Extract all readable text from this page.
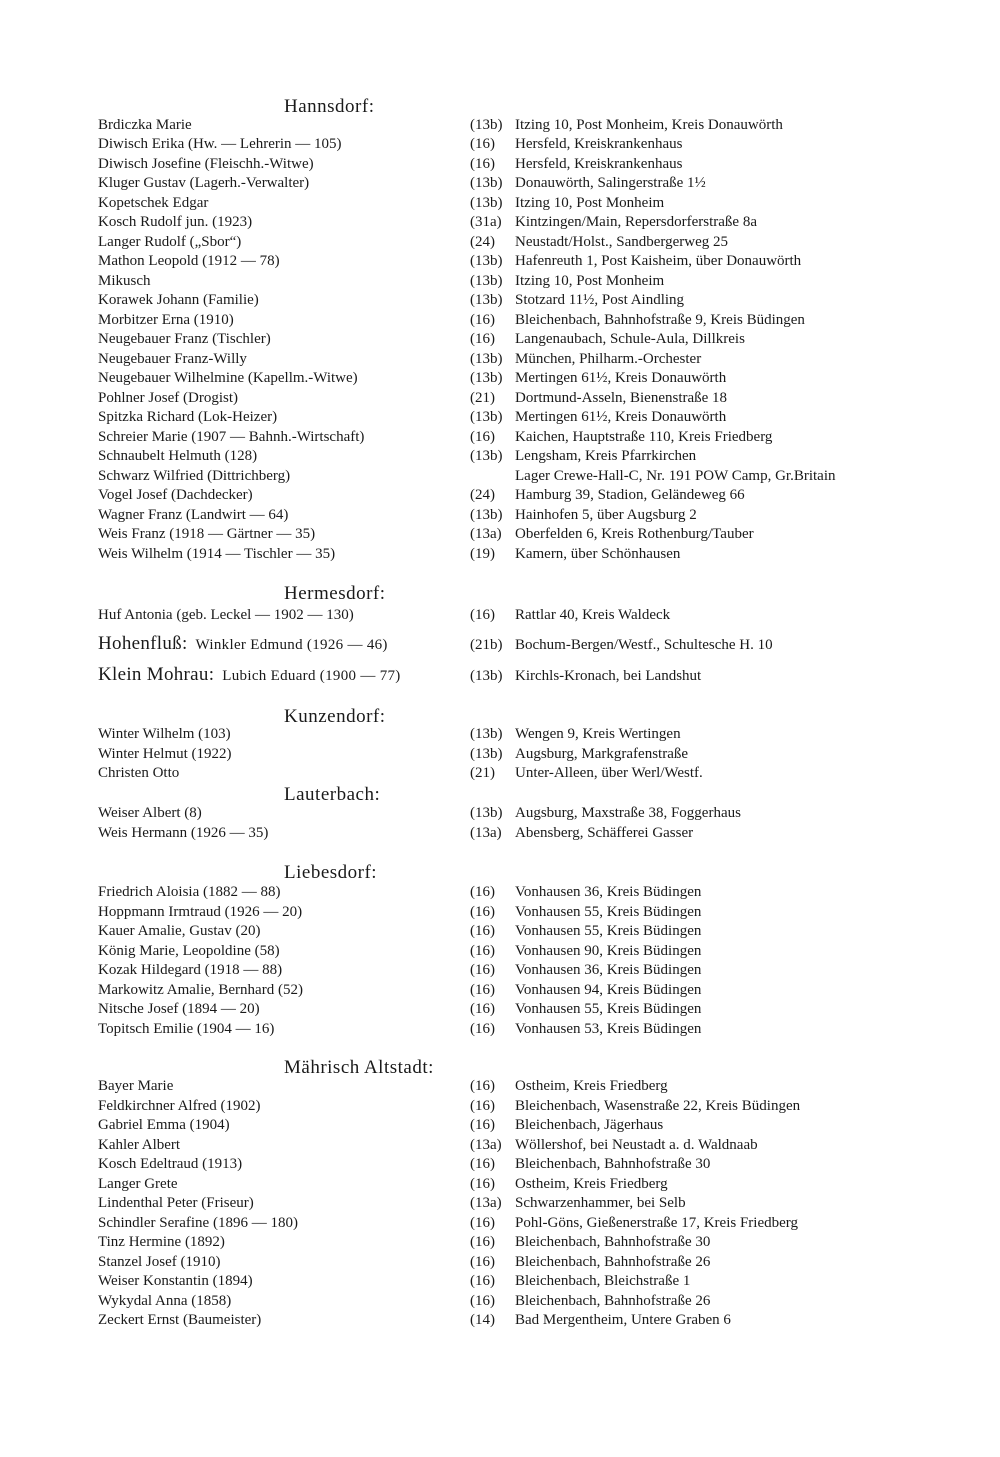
Hannsdorf:
Brdiczka Marie	(13b) Itzing 10, Post Monheim, Kreis Donauwörth
Diwisch Erika (Hw. — Lehrerin — 105)	(16) Hersfeld, Kreiskrankenhaus
Diwisch Josefine (Fleischh.-Witwe)	(16) Hersfeld, Kreiskrankenhaus
Kluger Gustav (Lagerh.-Verwalter)	(13b) Donauwörth, Salingerstraße 1½
Kopetschek Edgar	(13b) Itzing 10, Post Monheim
Kosch Rudolf jun. (1923)	(31a) Kintzingen/Main, Repersdorferstraße 8a
Langer Rudolf („Sbor“)	(24) Neustadt/Holst., Sandbergerweg 25
Mathon Leopold (1912 — 78)	(13b) Hafenreuth 1, Post Kaisheim, über Donauwörth
Mikusch	(13b) Itzing 10, Post Monheim
Korawek Johann (Familie)	(13b) Stotzard 11½, Post Aindling
Morbitzer Erna (1910)	(16) Bleichenbach, Bahnhofstraße 9, Kreis Büdingen
Neugebauer Franz (Tischler)	(16) Langenaubach, Schule-Aula, Dillkreis
Neugebauer Franz-Willy	(13b) München, Philharm.-Orchester
Neugebauer Wilhelmine (Kapellm.-Witwe)	(13b) Mertingen 61½, Kreis Donauwörth
Pohlner Josef (Drogist)	(21) Dortmund-Asseln, Bienenstraße 18
Spitzka Richard (Lok-Heizer)	(13b) Mertingen 61½, Kreis Donauwörth
Schreier Marie (1907 — Bahnh.-Wirtschaft)	(16) Kaichen, Hauptstraße 110, Kreis Friedberg
Schnaubelt Helmuth (128)	(13b) Lengsham, Kreis Pfarrkirchen
Schwarz Wilfried (Dittrichberg)	Lager Crewe-Hall-C, Nr. 191 POW Camp, Gr.Britain
Vogel Josef (Dachdecker)	(24) Hamburg 39, Stadion, Geländeweg 66
Wagner Franz (Landwirt — 64)	(13b) Hainhofen 5, über Augsburg 2
Weis Franz (1918 — Gärtner — 35)	(13a) Oberfelden 6, Kreis Rothenburg/Tauber
Weis Wilhelm (1914 — Tischler — 35)	(19) Kamern, über Schönhausen
Hermesdorf:
Huf Antonia (geb. Leckel — 1902 — 130)	(16) Rattlar 40, Kreis Waldeck
Hohenfluß: Winkler Edmund (1926 — 46)	(21b) Bochum-Bergen/Westf., Schultesche H. 10
Klein Mohrau: Lubich Eduard (1900 — 77)	(13b) Kirchls-Kronach, bei Landshut
Kunzendorf:
Winter Wilhelm (103)	(13b) Wengen 9, Kreis Wertingen
Winter Helmut (1922)	(13b) Augsburg, Markgrafenstraße
Christen Otto	(21) Unter-Alleen, über Werl/Westf.
Lauterbach:
Weiser Albert (8)	(13b) Augsburg, Maxstraße 38, Foggerhaus
Weis Hermann (1926 — 35)	(13a) Abensberg, Schäfferei Gasser
Liebesdorf:
Friedrich Aloisia (1882 — 88)	(16) Vonhausen 36, Kreis Büdingen
Hoppmann Irmtraud (1926 — 20)	(16) Vonhausen 55, Kreis Büdingen
Kauer Amalie, Gustav (20)	(16) Vonhausen 55, Kreis Büdingen
König Marie, Leopoldine (58)	(16) Vonhausen 90, Kreis Büdingen
Kozak Hildegard (1918 — 88)	(16) Vonhausen 36, Kreis Büdingen
Markowitz Amalie, Bernhard (52)	(16) Vonhausen 94, Kreis Büdingen
Nitsche Josef (1894 — 20)	(16) Vonhausen 55, Kreis Büdingen
Topitsch Emilie (1904 — 16)	(16) Vonhausen 53, Kreis Büdingen
Mährisch Altstadt:
Bayer Marie	(16) Ostheim, Kreis Friedberg
Feldkirchner Alfred (1902)	(16) Bleichenbach, Wasenstraße 22, Kreis Büdingen
Gabriel Emma (1904)	(16) Bleichenbach, Jägerhaus
Kahler Albert	(13a) Wöllershof, bei Neustadt a. d. Waldnaab
Kosch Edeltraud (1913)	(16) Bleichenbach, Bahnhofstraße 30
Langer Grete	(16) Ostheim, Kreis Friedberg
Lindenthal Peter (Friseur)	(13a) Schwarzenhammer, bei Selb
Schindler Serafine (1896 — 180)	(16) Pohl-Göns, Gießenerstraße 17, Kreis Friedberg
Tinz Hermine (1892)	(16) Bleichenbach, Bahnhofstraße 30
Stanzel Josef (1910)	(16) Bleichenbach, Bahnhofstraße 26
Weiser Konstantin (1894)	(16) Bleichenbach, Bleichstraße 1
Wykydal Anna (1858)	(16) Bleichenbach, Bahnhofstraße 26
Zeckert Ernst (Baumeister)	(14) Bad Mergentheim, Untere Graben 6
